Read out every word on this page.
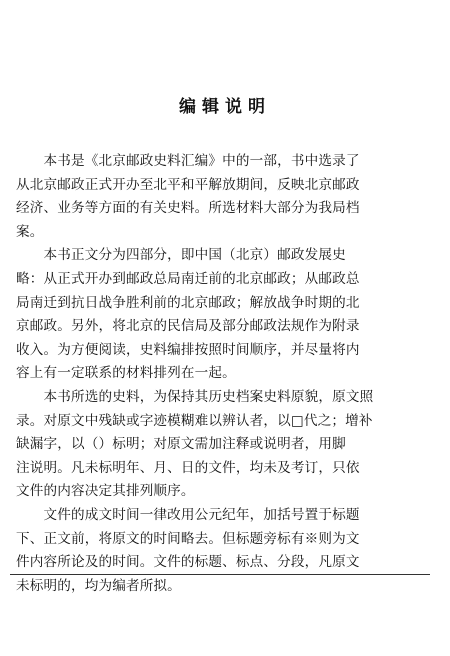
编辑说明
　　本书是《北京邮政史料汇编》中的一部，书中选录了
从北京邮政正式开办至北平和平解放期间，反映北京邮政
经济、业务等方面的有关史料。所选材料大部分为我局档
案。
　　本书正文分为四部分，即中国（北京）邮政发展史
略：从正式开办到邮政总局南迁前的北京邮政；从邮政总
局南迁到抗日战争胜利前的北京邮政；解放战争时期的北
京邮政。另外，将北京的民信局及部分邮政法规作为附录
收入。为方便阅读，史料编排按照时间顺序，并尽量将内
容上有一定联系的材料排列在一起。
　　本书所选的史料，为保持其历史档案史料原貌，原文照
录。对原文中残缺或字迹模糊难以辨认者，以□代之；增补
缺漏字，以（）标明；对原文需加注释或说明者，用脚
注说明。凡未标明年、月、日的文件，均未及考订，只依
文件的内容决定其排列顺序。
　　文件的成文时间一律改用公元纪年，加括号置于标题
下、正文前，将原文的时间略去。但标题旁标有※则为文
件内容所论及的时间。文件的标题、标点、分段，凡原文
未标明的，均为编者所拟。
